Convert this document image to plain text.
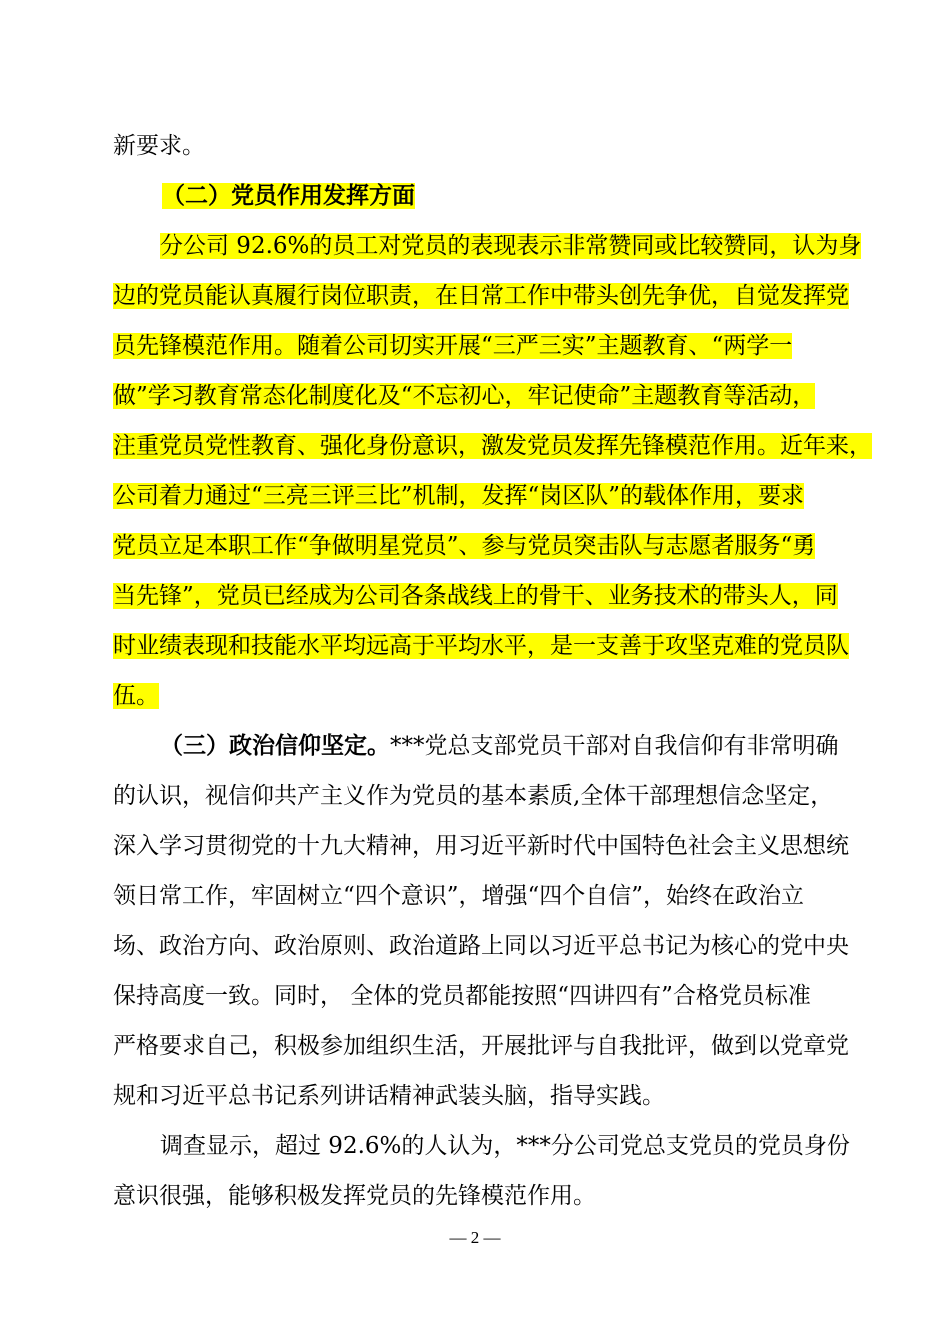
新要求。
（二）党员作用发挥方面
分公司 92.6%的员工对党员的表现表示非常赞同或比较赞同，认为身
边的党员能认真履行岗位职责，在日常工作中带头创先争优，自觉发挥党
员先锋模范作用。随着公司切实开展“三严三实”主题教育、“两学一
做”学习教育常态化制度化及“不忘初心，牢记使命”主题教育等活动，
注重党员党性教育、强化身份意识，激发党员发挥先锋模范作用。近年来，
公司着力通过“三亮三评三比”机制，发挥“岗区队”的载体作用，要求
党员立足本职工作“争做明星党员”、参与党员突击队与志愿者服务“勇
当先锋”，党员已经成为公司各条战线上的骨干、业务技术的带头人，同
时业绩表现和技能水平均远高于平均水平，是一支善于攻坚克难的党员队
伍。
（三）政治信仰坚定。***党总支部党员干部对自我信仰有非常明确
的认识，视信仰共产主义作为党员的基本素质,全体干部理想信念坚定，
深入学习贯彻党的十九大精神，用习近平新时代中国特色社会主义思想统
领日常工作，牢固树立“四个意识”，增强“四个自信”，始终在政治立
场、政治方向、政治原则、政治道路上同以习近平总书记为核心的党中央
保持高度一致。同时， 全体的党员都能按照“四讲四有”合格党员标准
严格要求自己，积极参加组织生活，开展批评与自我批评，做到以党章党
规和习近平总书记系列讲话精神武装头脑，指导实践。
调查显示，超过 92.6%的人认为，***分公司党总支党员的党员身份
意识很强，能够积极发挥党员的先锋模范作用。
— 2 —
